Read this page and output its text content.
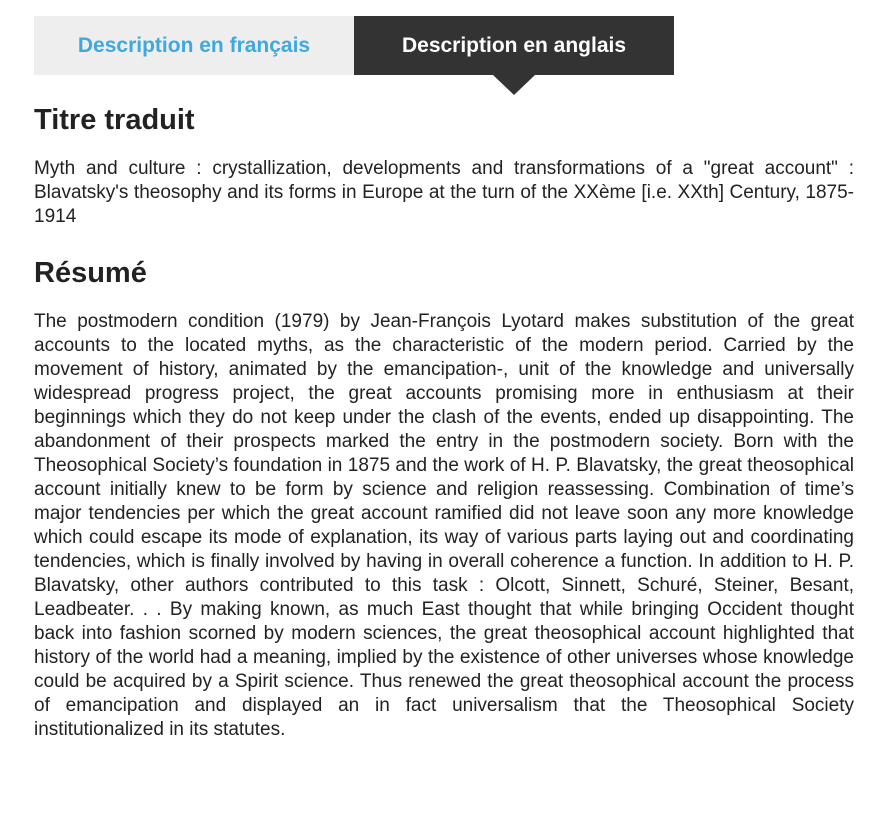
Description en français	Description en anglais
Titre traduit

Myth and culture : crystallization, developments and transformations of a "great account" : Blavatsky's theosophy and its forms in Europe at the turn of the XXème [i.e. XXth] Century, 1875-1914

Résumé

The postmodern condition (1979) by Jean-François Lyotard makes substitution of the great accounts to the located myths, as the characteristic of the modern period. Carried by the movement of history, animated by the emancipation-, unit of the knowledge and universally widespread progress project, the great accounts promising more in enthusiasm at their beginnings which they do not keep under the clash of the events, ended up disappointing. The abandonment of their prospects marked the entry in the postmodern society. Born with the Theosophical Society’s foundation in 1875 and the work of H. P. Blavatsky, the great theosophical account initially knew to be form by science and religion reassessing. Combination of time’s major tendencies per which the great account ramified did not leave soon any more knowledge which could escape its mode of explanation, its way of various parts laying out and coordinating tendencies, which is finally involved by having in overall coherence a function. In addition to H. P. Blavatsky, other authors contributed to this task : Olcott, Sinnett, Schuré, Steiner, Besant, Leadbeater. . . By making known, as much East thought that while bringing Occident thought back into fashion scorned by modern sciences, the great theosophical account highlighted that history of the world had a meaning, implied by the existence of other universes whose knowledge could be acquired by a Spirit science. Thus renewed the great theosophical account the process of emancipation and displayed an in fact universalism that the Theosophical Society institutionalized in its statutes.
